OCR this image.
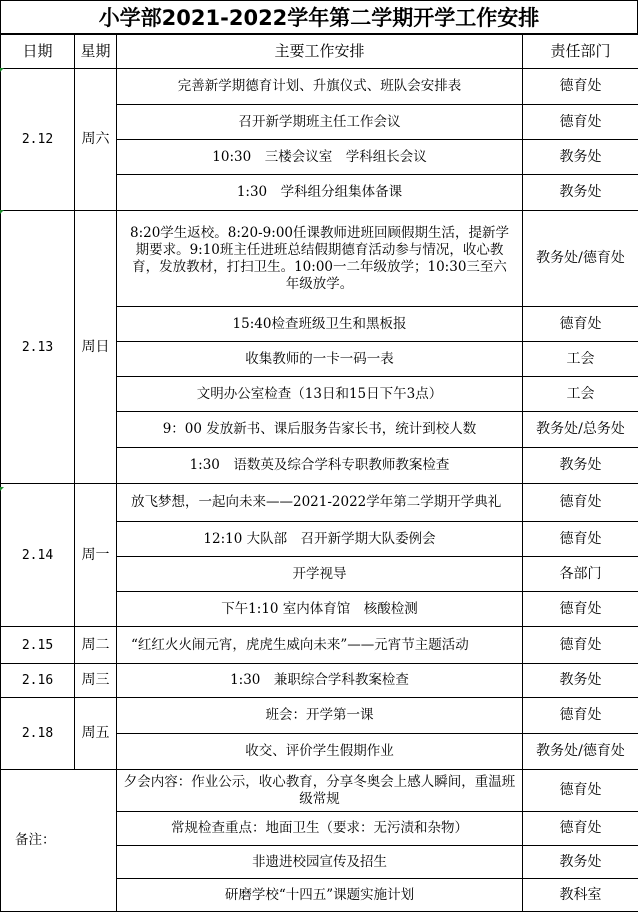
小学部2021-2022学年第二学期开学工作安排
日期	星期	主要工作安排	责任部门
2.12	周六	完善新学期德育计划、升旗仪式、班队会安排表	德育处
		召开新学期班主任工作会议	德育处
		10:30　三楼会议室　学科组长会议	教务处
		1:30　学科组分组集体备课	教务处
2.13	周日	8:20学生返校。8:20-9:00任课教师进班回顾假期生活，提新学期要求。9:10班主任进班总结假期德育活动参与情况，收心教育，发放教材，打扫卫生。10:00一二年级放学；10:30三至六年级放学。	教务处/德育处
		15:40检查班级卫生和黑板报	德育处
		收集教师的一卡一码一表	工会
		文明办公室检查（13日和15日下午3点）	工会
		9：00 发放新书、课后服务告家长书，统计到校人数	教务处/总务处
		1:30　语数英及综合学科专职教师教案检查	教务处
2.14	周一	放飞梦想，一起向未来——2021-2022学年第二学期开学典礼	德育处
		12:10 大队部　召开新学期大队委例会	德育处
		开学视导	各部门
		下午1:10 室内体育馆　核酸检测	德育处
2.15	周二	“红红火火闹元宵，虎虎生威向未来”——元宵节主题活动	德育处
2.16	周三	1:30　兼职综合学科教案检查	教务处
2.18	周五	班会：开学第一课	德育处
		收交、评价学生假期作业	教务处/德育处
备注：		夕会内容：作业公示，收心教育，分享冬奥会上感人瞬间，重温班级常规	德育处
		常规检查重点：地面卫生（要求：无污渍和杂物）	德育处
		非遗进校园宣传及招生	教务处
		研磨学校“十四五”课题实施计划	教科室
